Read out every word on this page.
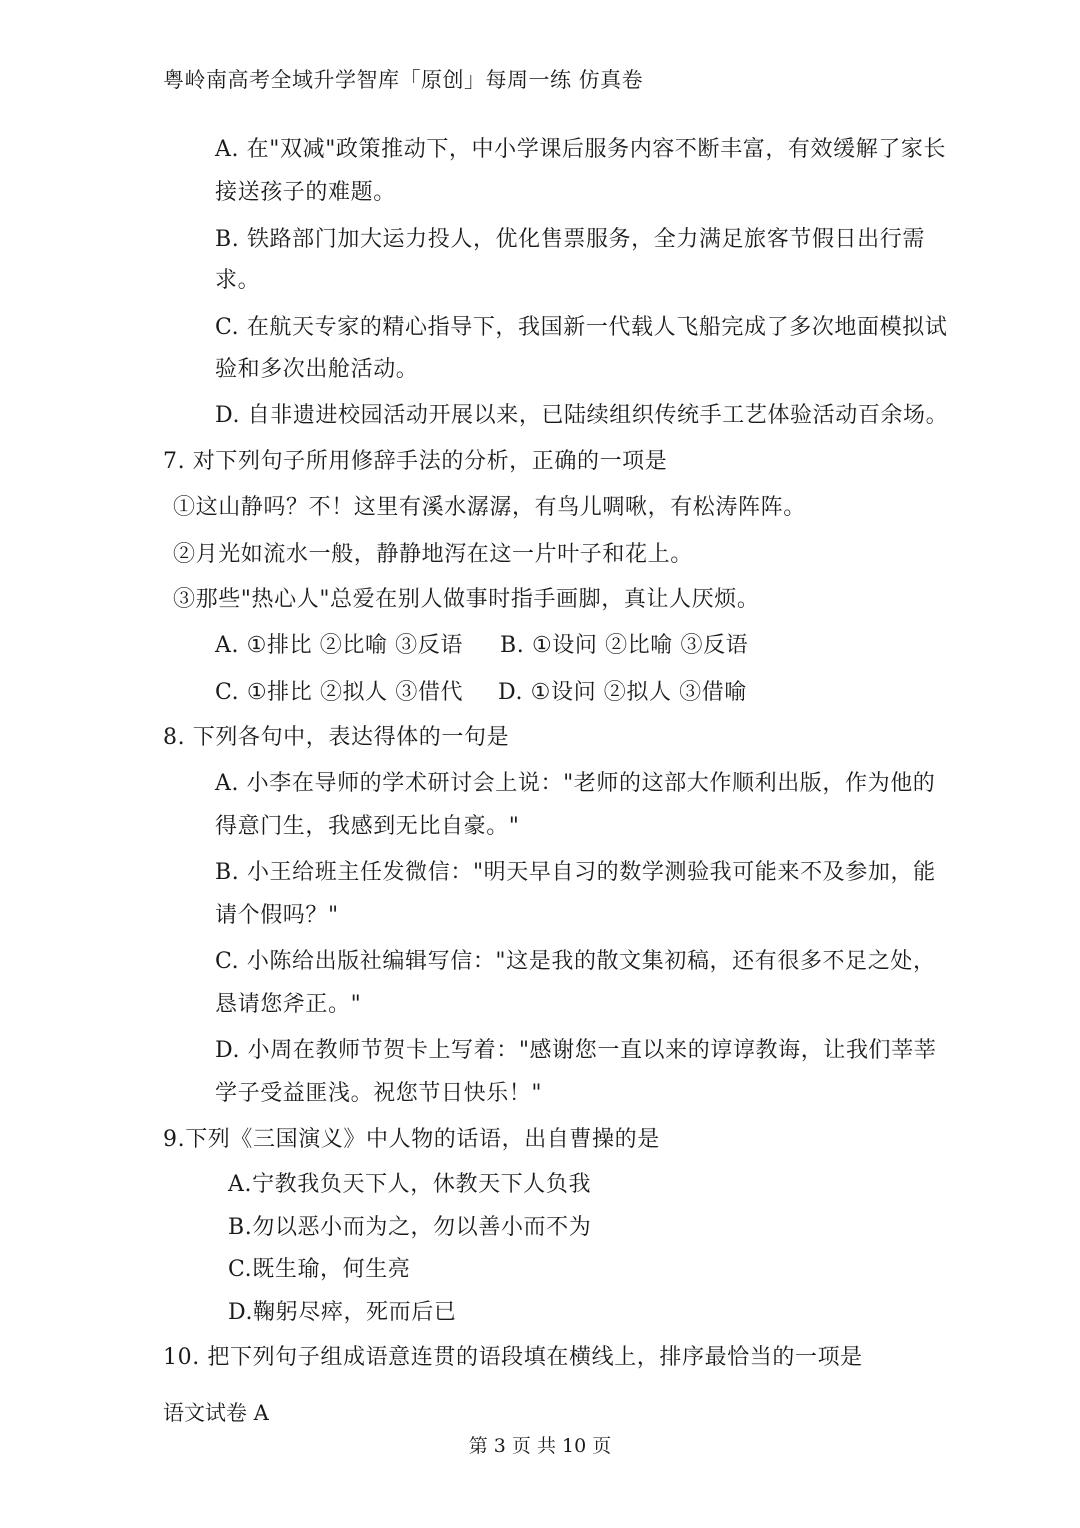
粤岭南高考全域升学智库「原创」每周一练 仿真卷
A. 在"双减"政策推动下，中小学课后服务内容不断丰富，有效缓解了家长
接送孩子的难题。
B. 铁路部门加大运力投人，优化售票服务，全力满足旅客节假日出行需
求。
C. 在航天专家的精心指导下，我国新一代载人飞船完成了多次地面模拟试
验和多次出舱活动。
D. 自非遗进校园活动开展以来，已陆续组织传统手工艺体验活动百余场。
7. 对下列句子所用修辞手法的分析，正确的一项是
①这山静吗？不！这里有溪水潺潺，有鸟儿啁啾，有松涛阵阵。
②月光如流水一般，静静地泻在这一片叶子和花上。
③那些"热心人"总爱在别人做事时指手画脚，真让人厌烦。
A. ①排比 ②比喻 ③反语 B. ①设问 ②比喻 ③反语
C. ①排比 ②拟人 ③借代 D. ①设问 ②拟人 ③借喻
8. 下列各句中，表达得体的一句是
A. 小李在导师的学术研讨会上说："老师的这部大作顺利出版，作为他的
得意门生，我感到无比自豪。"
B. 小王给班主任发微信："明天早自习的数学测验我可能来不及参加，能
请个假吗？"
C. 小陈给出版社编辑写信："这是我的散文集初稿，还有很多不足之处，
恳请您斧正。"
D. 小周在教师节贺卡上写着："感谢您一直以来的谆谆教诲，让我们莘莘
学子受益匪浅。祝您节日快乐！"
9.下列《三国演义》中人物的话语，出自曹操的是
A.宁教我负天下人，休教天下人负我
B.勿以恶小而为之，勿以善小而不为
C.既生瑜，何生亮
D.鞠躬尽瘁，死而后已
10. 把下列句子组成语意连贯的语段填在横线上，排序最恰当的一项是
语文试卷 A
第 3 页 共 10 页
